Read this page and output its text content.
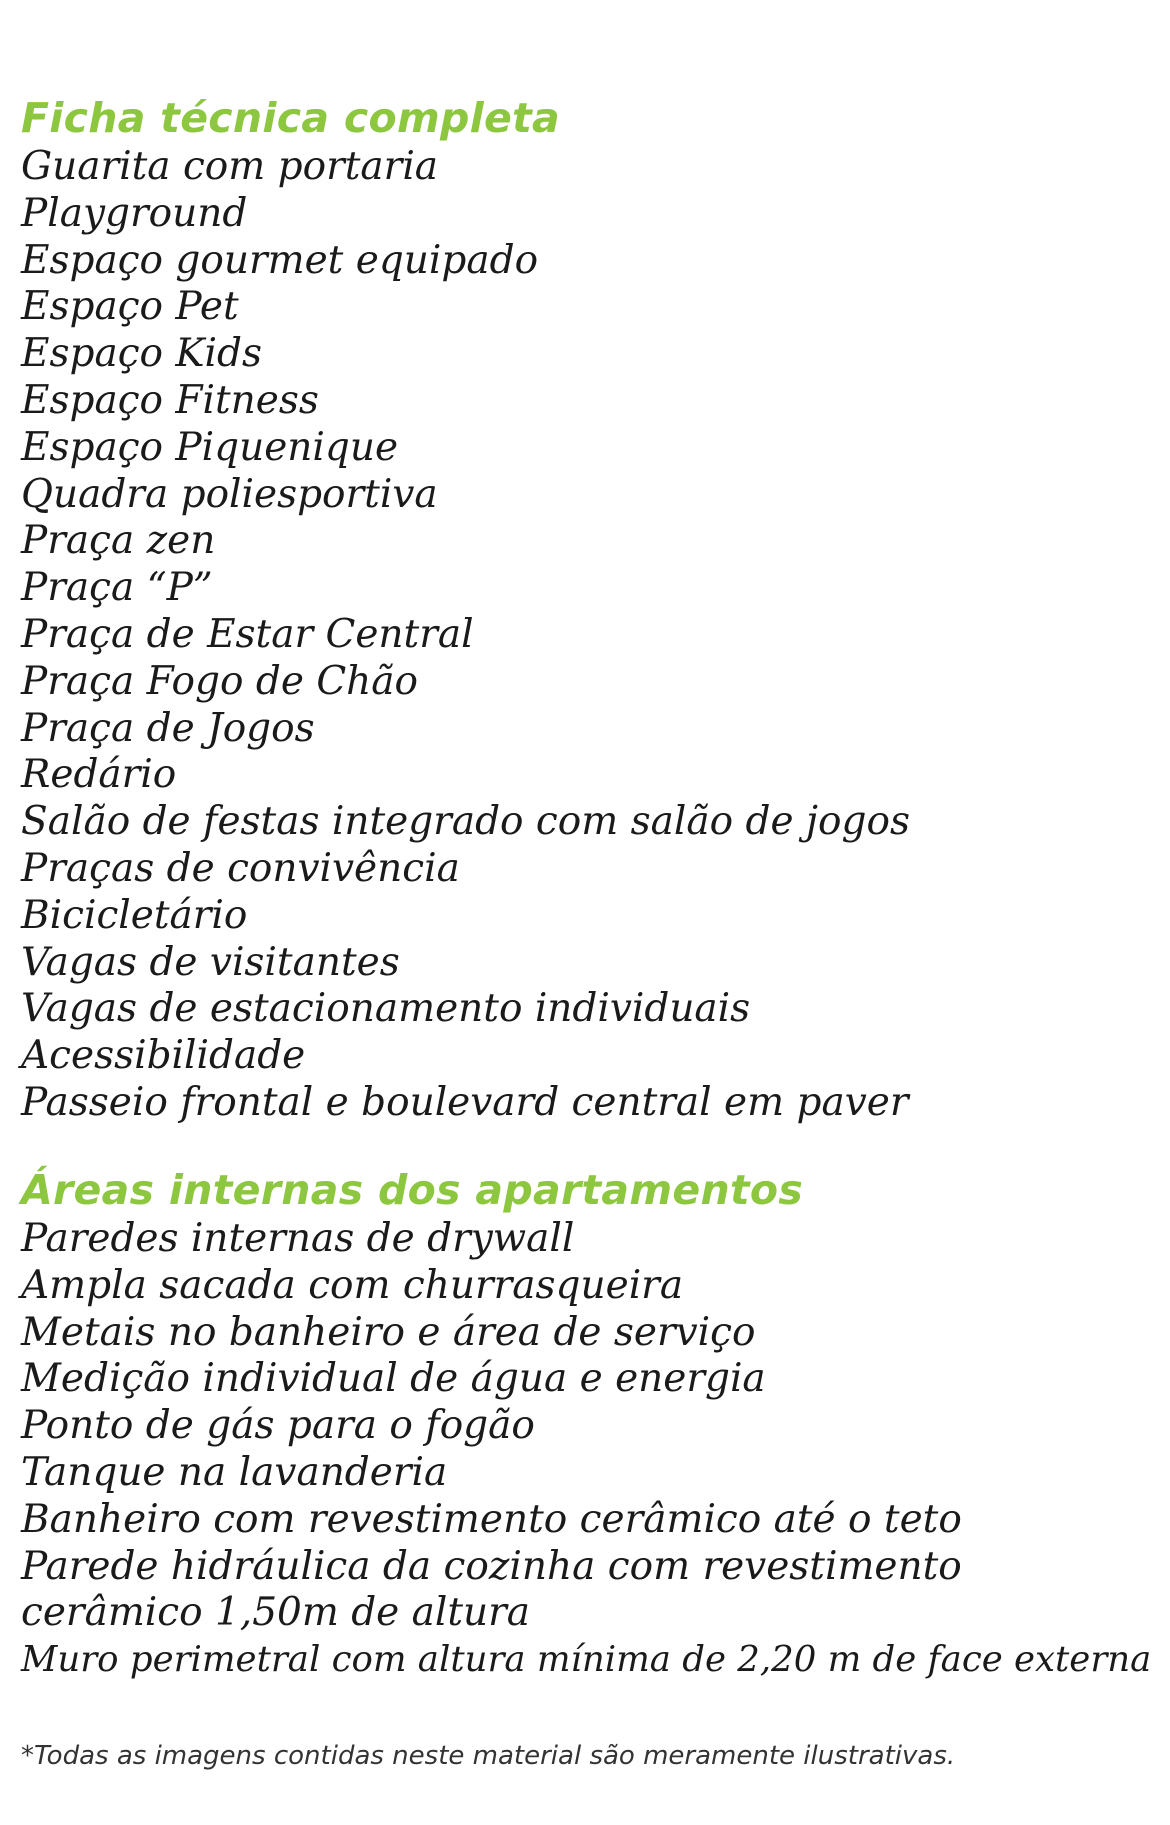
Ficha técnica completa
Guarita com portaria
Playground
Espaço gourmet equipado
Espaço Pet
Espaço Kids
Espaço Fitness
Espaço Piquenique
Quadra poliesportiva
Praça zen
Praça “P”
Praça de Estar Central
Praça Fogo de Chão
Praça de Jogos
Redário
Salão de festas integrado com salão de jogos
Praças de convivência
Bicicletário
Vagas de visitantes
Vagas de estacionamento individuais
Acessibilidade
Passeio frontal e boulevard central em paver
Áreas internas dos apartamentos
Paredes internas de drywall
Ampla sacada com churrasqueira
Metais no banheiro e área de serviço
Medição individual de água e energia
Ponto de gás para o fogão
Tanque na lavanderia
Banheiro com revestimento cerâmico até o teto
Parede hidráulica da cozinha com revestimento cerâmico 1,50m de altura
Muro perimetral com altura mínima de 2,20 m de face externa
*Todas as imagens contidas neste material são meramente ilustrativas.
